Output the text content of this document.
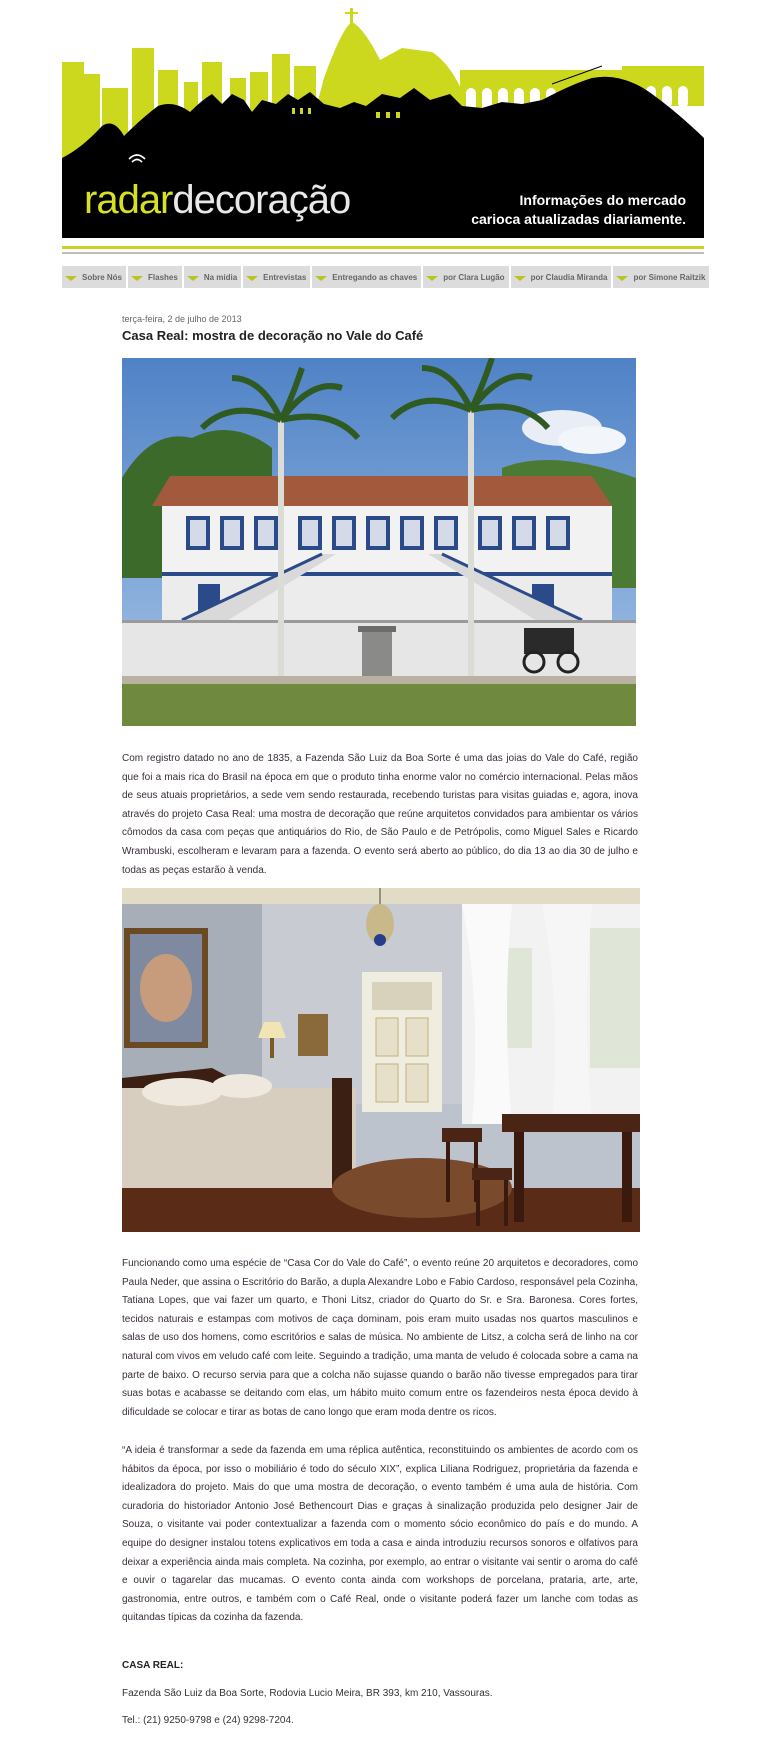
radardecoração	Informações do mercado
carioca atualizadas diariamente.
Sobre Nós	Flashes	Na mídia	Entrevistas	Entregando as chaves	por Clara Lugão	por Claudia Miranda	por Simone Raitzik
terça-feira, 2 de julho de 2013
Casa Real: mostra de decoração no Vale do Café

Com registro datado no ano de 1835, a Fazenda São Luiz da Boa Sorte é uma das joias do Vale do Café, região que foi a mais rica do Brasil na época em que o produto tinha enorme valor no comércio internacional. Pelas mãos de seus atuais proprietários, a sede vem sendo restaurada, recebendo turistas para visitas guiadas e, agora, inova através do projeto Casa Real: uma mostra de decoração que reúne arquitetos convidados para ambientar os vários cômodos da casa com peças que antiquários do Rio, de São Paulo e de Petrópolis, como Miguel Sales e Ricardo Wrambuski, escolheram e levaram para a fazenda. O evento será aberto ao público, do dia 13 ao dia 30 de julho e todas as peças estarão à venda.

Funcionando como uma espécie de “Casa Cor do Vale do Café”, o evento reúne 20 arquitetos e decoradores, como Paula Neder, que assina o Escritório do Barão, a dupla Alexandre Lobo e Fabio Cardoso, responsável pela Cozinha, Tatiana Lopes, que vai fazer um quarto, e Thoni Litsz, criador do Quarto do Sr. e Sra. Baronesa. Cores fortes, tecidos naturais e estampas com motivos de caça dominam, pois eram muito usadas nos quartos masculinos e salas de uso dos homens, como escritórios e salas de música. No ambiente de Litsz, a colcha será de linho na cor natural com vivos em veludo café com leite. Seguindo a tradição, uma manta de veludo é colocada sobre a cama na parte de baixo. O recurso servia para que a colcha não sujasse quando o barão não tivesse empregados para tirar suas botas e acabasse se deitando com elas, um hábito muito comum entre os fazendeiros nesta época devido à dificuldade se colocar e tirar as botas de cano longo que eram moda dentre os ricos.

“A ideia é transformar a sede da fazenda em uma réplica autêntica, reconstituindo os ambientes de acordo com os hábitos da época, por isso o mobiliário é todo do século XIX”, explica Liliana Rodriguez, proprietária da fazenda e idealizadora do projeto. Mais do que uma mostra de decoração, o evento também é uma aula de história. Com curadoria do historiador Antonio José Bethencourt Dias e graças à sinalização produzida pelo designer Jair de Souza, o visitante vai poder contextualizar a fazenda com o momento sócio econômico do país e do mundo. A equipe do designer instalou totens explicativos em toda a casa e ainda introduziu recursos sonoros e olfativos para deixar a experiência ainda mais completa. Na cozinha, por exemplo, ao entrar o visitante vai sentir o aroma do café e ouvir o tagarelar das mucamas. O evento conta ainda com workshops de porcelana, prataria, arte, arte, gastronomia, entre outros, e também com o Café Real, onde o visitante poderá fazer um lanche com todas as quitandas típicas da cozinha da fazenda.

CASA REAL:
Fazenda São Luiz da Boa Sorte, Rodovia Lucio Meira, BR 393, km 210, Vassouras.
Tel.: (21) 9250-9798 e (24) 9298-7204.
